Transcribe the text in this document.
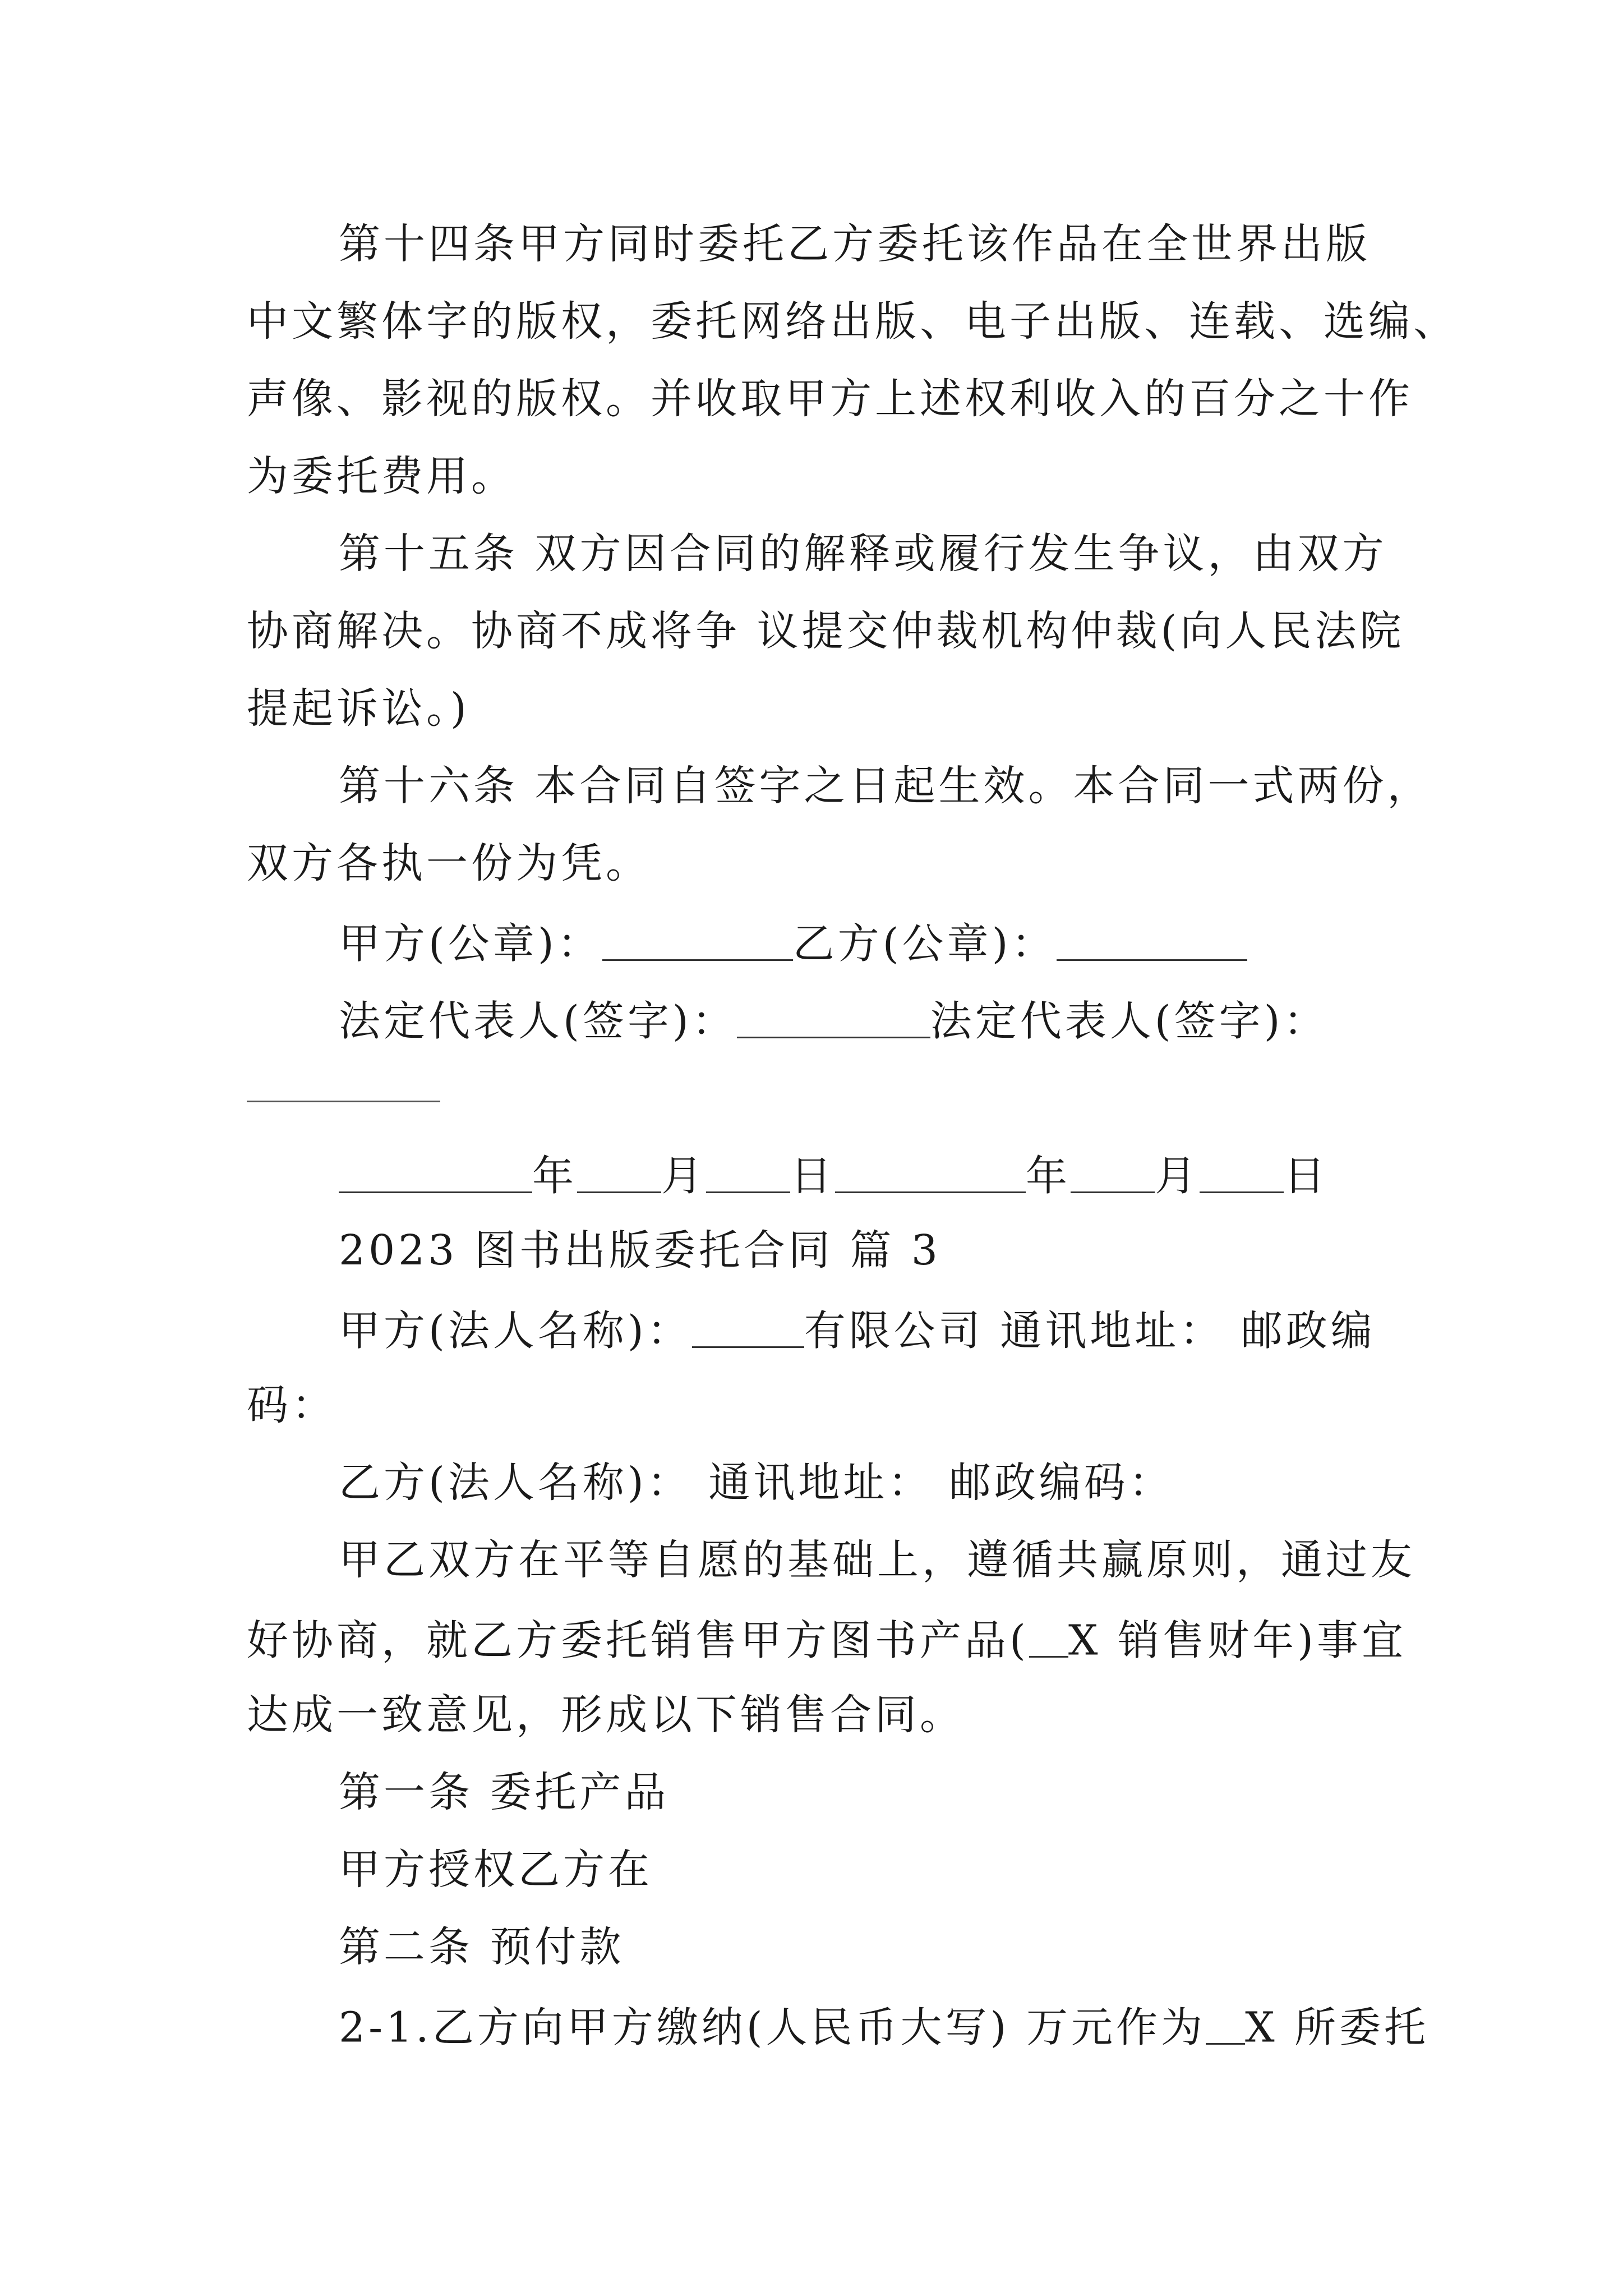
第十四条甲方同时委托乙方委托该作品在全世界出版
中文繁体字的版权，委托网络出版、电子出版、连载、选编、
声像、影视的版权。并收取甲方上述权利收入的百分之十作
为委托费用。
第十五条 双方因合同的解释或履行发生争议，由双方
协商解决。协商不成将争 议提交仲裁机构仲裁(向人民法院
提起诉讼。)
第十六条 本合同自签字之日起生效。本合同一式两份，
双方各执一份为凭。
甲方(公章)：	乙方(公章)：
法定代表人(签字)：	法定代表人(签字)：
年 月 日	年 月 日
2023 图书出版委托合同 篇 3
甲方(法人名称)：	有限公司 通讯地址： 邮政编
码：
乙方(法人名称)： 通讯地址： 邮政编码：
甲乙双方在平等自愿的基础上，遵循共赢原则，通过友
好协商，就乙方委托销售甲方图书产品( X 销售财年)事宜
达成一致意见，形成以下销售合同。
第一条 委托产品
甲方授权乙方在
第二条 预付款
2-1.乙方向甲方缴纳(人民币大写) 万元作为 X 所委托
